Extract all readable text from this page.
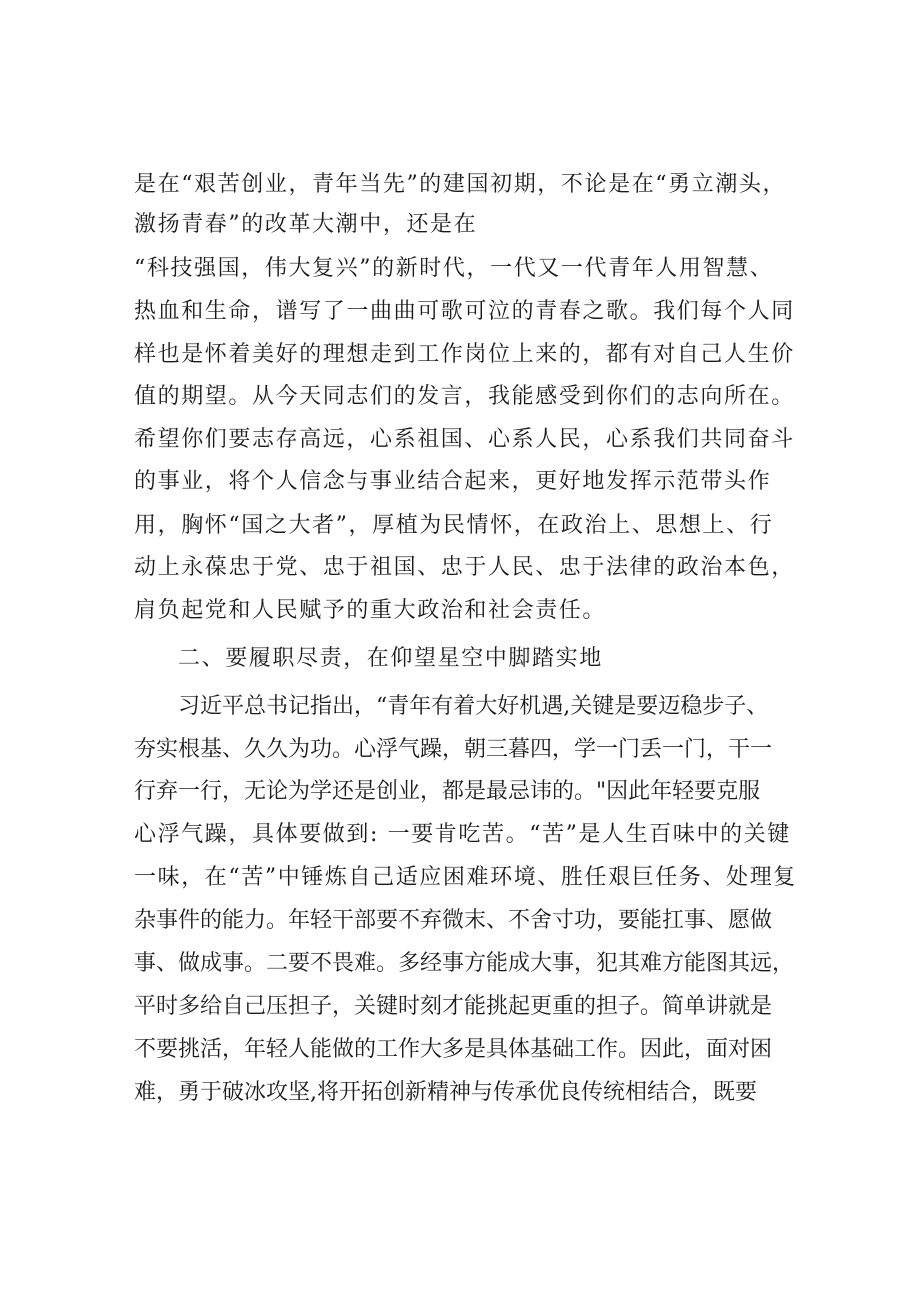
是在“艰苦创业，青年当先”的建国初期，不论是在“勇立潮头，
激扬青春”的改革大潮中，还是在
“科技强国，伟大复兴”的新时代，一代又一代青年人用智慧、
热血和生命，谱写了一曲曲可歌可泣的青春之歌。我们每个人同
样也是怀着美好的理想走到工作岗位上来的，都有对自己人生价
值的期望。从今天同志们的发言，我能感受到你们的志向所在。
希望你们要志存高远，心系祖国、心系人民，心系我们共同奋斗
的事业，将个人信念与事业结合起来，更好地发挥示范带头作
用，胸怀“国之大者”，厚植为民情怀，在政治上、思想上、行
动上永葆忠于党、忠于祖国、忠于人民、忠于法律的政治本色，
肩负起党和人民赋予的重大政治和社会责任。
二、要履职尽责，在仰望星空中脚踏实地
习近平总书记指出，“青年有着大好机遇,关键是要迈稳步子、
夯实根基、久久为功。心浮气躁，朝三暮四，学一门丢一门，干一
行弃一行，无论为学还是创业，都是最忌讳的。"因此年轻要克服
心浮气躁，具体要做到: 一要肯吃苦。“苦”是人生百味中的关键
一味，在“苦”中锤炼自己适应困难环境、胜任艰巨任务、处理复
杂事件的能力。年轻干部要不弃微末、不舍寸功，要能扛事、愿做
事、做成事。二要不畏难。多经事方能成大事，犯其难方能图其远，
平时多给自己压担子，关键时刻才能挑起更重的担子。简单讲就是
不要挑活，年轻人能做的工作大多是具体基础工作。因此，面对困
难，勇于破冰攻坚,将开拓创新精神与传承优良传统相结合，既要
